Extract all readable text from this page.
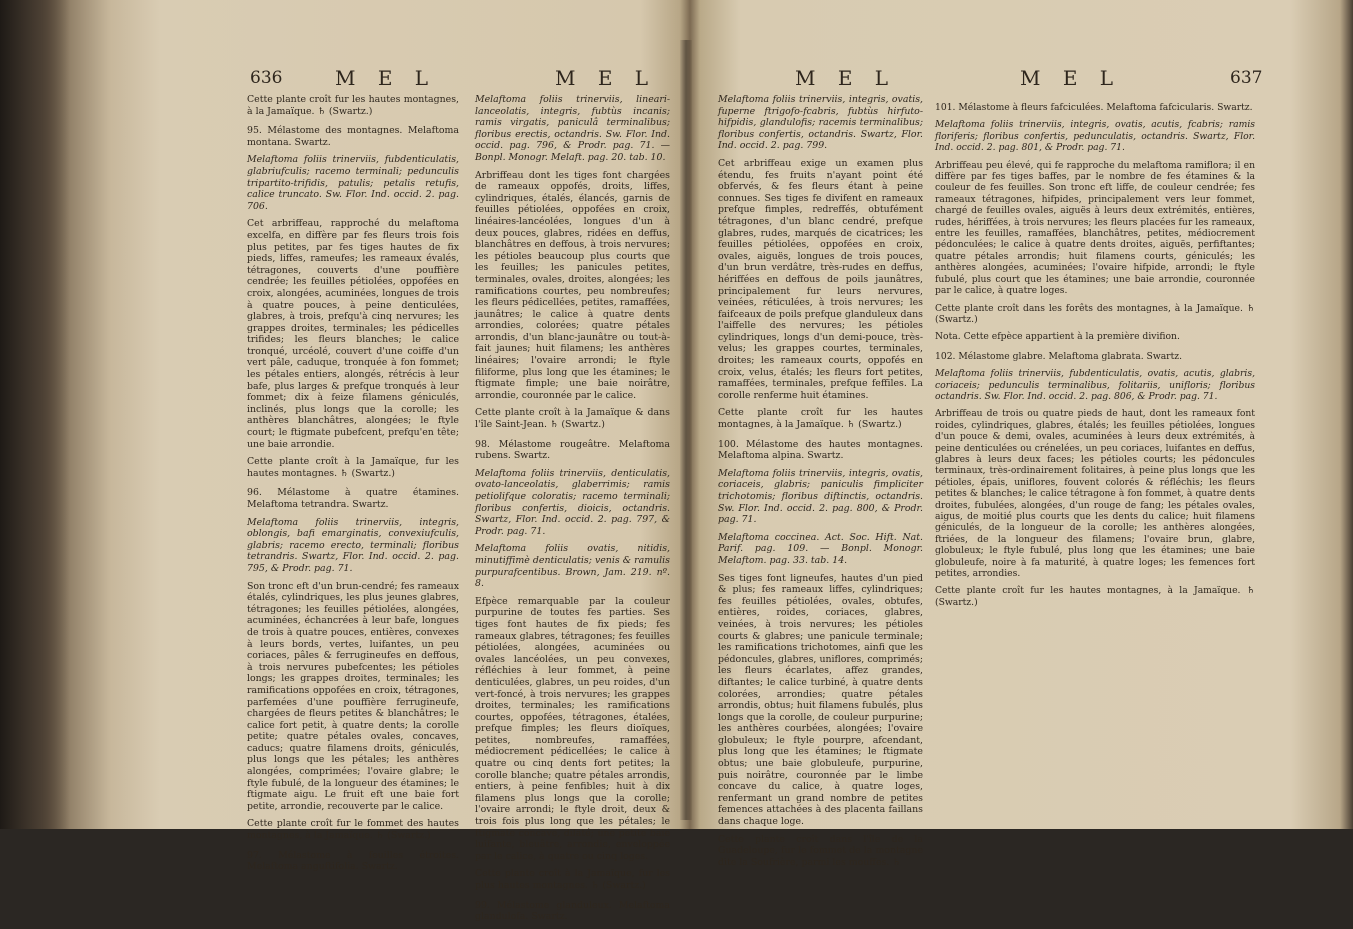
636	M E L

Cette plante croît fur les hautes montagnes, à la Jamaïque. ♄ (Swartz.)

95. Mélastome des montagnes. Melaftoma montana. Swartz.

Melaftoma foliis trinerviis, fubdenticulatis, glabriufculis; racemo terminali; pedunculis tripartito-trifidis, patulis; petalis retufis, calice truncato. Sw. Flor. Ind. occid. 2. pag. 706.

Cet arbriffeau, rapproché du melaftoma excelfa, en diffère par fes fleurs trois fois plus petites, par fes tiges hautes de fix pieds, liffes, rameufes; les rameaux évalés, tétragones, couverts d'une pouffière cendrée; les feuilles pétiolées, oppofées en croix, alongées, acuminées, longues de trois à quatre pouces, à peine denticulées, glabres, à trois, prefqu'à cinq nervures; les grappes droites, terminales; les pédicelles trifides; les fleurs blanches; le calice tronqué, urcéolé, couvert d'une coiffe d'un vert pâle, caduque, tronquée à fon fommet; les pétales entiers, alongés, rétrécis à leur bafe, plus larges & prefque tronqués à leur fommet; dix à feize filamens géniculés, inclinés, plus longs que la corolle; les anthères blanchâtres, alongées; le ftyle court; le ftigmate pubefcent, prefqu'en tête; une baie arrondie.

Cette plante croît à la Jamaïque, fur les hautes montagnes. ♄ (Swartz.)

96. Mélastome à quatre étamines. Melaftoma tetrandra. Swartz.

Melaftoma foliis trinerviis, integris, oblongis, bafi emarginatis, convexiufculis, glabris; racemo erecto, terminali; floribus tetrandris. Swartz, Flor. Ind. occid. 2. pag. 795, & Prodr. pag. 71.

Son tronc eft d'un brun-cendré; fes rameaux étalés, cylindriques, les plus jeunes glabres, tétragones; les feuilles pétiolées, alongées, acuminées, échancrées à leur bafe, longues de trois à quatre pouces, entières, convexes à leurs bords, vertes, luifantes, un peu coriaces, pâles & ferrugineufes en deffous, à trois nervures pubefcentes; les pétioles longs; les grappes droites, terminales; les ramifications oppofées en croix, tétragones, parfemées d'une pouffière ferrugineufe, chargées de fleurs petites & blanchâtres; le calice fort petit, à quatre dents; la corolle petite; quatre pétales ovales, concaves, caducs; quatre filamens droits, géniculés, plus longs que les pétales; les anthères alongées, comprimées; l'ovaire glabre; le ftyle fubulé, de la longueur des étamines; le ftigmate aigu. Le fruit eft une baie fort petite, arrondie, recouverte par le calice.

Cette plante croît fur le fommet des hautes montagnes, à la Jamaïque. ♄ (Swartz.)

97. Mélastome à feuilles étroites. Melaftoma anguftifolia. Swartz.

M E L

Melaftoma foliis trinerviis, lineari-lanceolatis, integris, fubtùs incanis; ramis virgatis, paniculâ terminalibus; floribus erectis, octandris. Sw. Flor. Ind. occid. pag. 796, & Prodr. pag. 71. — Bonpl. Monogr. Melaft. pag. 20. tab. 10.

Arbriffeau dont les tiges font chargées de rameaux oppofés, droits, liffes, cylindriques, étalés, élancés, garnis de feuilles pétiolées, oppofées en croix, linéaires-lancéolées, longues d'un à deux pouces, glabres, ridées en deffus, blanchâtres en deffous, à trois nervures; les pétioles beaucoup plus courts que les feuilles; les panicules petites, terminales, ovales, droites, alongées; les ramifications courtes, peu nombreufes; les fleurs pédicellées, petites, ramaffées, jaunâtres; le calice à quatre dents arrondies, colorées; quatre pétales arrondis, d'un blanc-jaunâtre ou tout-à-fait jaunes; huit filamens; les anthères linéaires; l'ovaire arrondi; le ftyle filiforme, plus long que les étamines; le ftigmate fimple; une baie noirâtre, arrondie, couronnée par le calice.

Cette plante croît à la Jamaïque & dans l'île Saint-Jean. ♄ (Swartz.)

98. Mélastome rougeâtre. Melaftoma rubens. Swartz.

Melaftoma foliis trinerviis, denticulatis, ovato-lanceolatis, glaberrimis; ramis petiolifque coloratis; racemo terminali; floribus confertis, dioicis, octandris. Swartz, Flor. Ind. occid. 2. pag. 797, & Prodr. pag. 71.

Melaftoma foliis ovatis, nitidis, minutiffimè denticulatis; venis & ramulis purpurafcentibus. Brown, Jam. 219. nº. 8.

Efpèce remarquable par la couleur purpurine de toutes fes parties. Ses tiges font hautes de fix pieds; fes rameaux glabres, tétragones; fes feuilles pétiolées, alongées, acuminées ou ovales lancéolées, un peu convexes, réfléchies à leur fommet, à peine denticulées, glabres, un peu roides, d'un vert-foncé, à trois nervures; les grappes droites, terminales; les ramifications courtes, oppofées, tétragones, étalées, prefque fimples; les fleurs dioïques, petites, nombreufes, ramaffées, médiocrement pédicellées; le calice à quatre ou cinq dents fort petites; la corolle blanche; quatre pétales arrondis, entiers, à peine fenfibles; huit à dix filamens plus longs que la corolle; l'ovaire arrondi; le ftyle droit, deux & trois fois plus long que les pétales; le ftigmate concave, dilaté; une petite baie luifante, bleuâtre, arrondie, enveloppée par le calice, à quatre ou cinq loges.

Cette plante croît à la Jamaïque, fur les plus hautes montagnes. ♄ (Swartz.)

99. Mélastome glanduleux. Melaftoma glandulofa. Swartz.

M E L

Melaftoma foliis trinerviis, integris, ovatis, fuperne ftrigofo-fcabris, fubtùs hirfuto-hifpidis, glandulofis; racemis terminalibus; floribus confertis, octandris. Swartz, Flor. Ind. occid. 2. pag. 799.

Cet arbriffeau exige un examen plus étendu, fes fruits n'ayant point été obfervés, & fes fleurs étant à peine connues. Ses tiges fe divifent en rameaux prefque fimples, redreffés, obtufément tétragones, d'un blanc cendré, prefque glabres, rudes, marqués de cicatrices; les feuilles pétiolées, oppofées en croix, ovales, aiguës, longues de trois pouces, d'un brun verdâtre, très-rudes en deffus, hériffées en deffous de poils jaunâtres, principalement fur leurs nervures, veinées, réticulées, à trois nervures; les faifceaux de poils prefque glanduleux dans l'aiffelle des nervures; les pétioles cylindriques, longs d'un demi-pouce, très-velus; les grappes courtes, terminales, droites; les rameaux courts, oppofés en croix, velus, étalés; les fleurs fort petites, ramaffées, terminales, prefque feffiles. La corolle renferme huit étamines.

Cette plante croît fur les hautes montagnes, à la Jamaïque. ♄ (Swartz.)

100. Mélastome des hautes montagnes. Melaftoma alpina. Swartz.

Melaftoma foliis trinerviis, integris, ovatis, coriaceis, glabris; paniculis fimpliciter trichotomis; floribus diftinctis, octandris. Sw. Flor. Ind. occid. 2. pag. 800, & Prodr. pag. 71.

Melaftoma coccinea. Act. Soc. Hift. Nat. Parif. pag. 109. — Bonpl. Monogr. Melaftom. pag. 33. tab. 14.

Ses tiges font ligneufes, hautes d'un pied & plus; fes rameaux liffes, cylindriques; fes feuilles pétiolées, ovales, obtufes, entières, roides, coriaces, glabres, veinées, à trois nervures; les pétioles courts & glabres; une panicule terminale; les ramifications trichotomes, ainfi que les pédoncules, glabres, uniflores, comprimés; les fleurs écarlates, affez grandes, diftantes; le calice turbiné, à quatre dents colorées, arrondies; quatre pétales arrondis, obtus; huit filamens fubulés, plus longs que la corolle, de couleur purpurine; les anthères courbées, alongées; l'ovaire globuleux; le ftyle pourpre, afcendant, plus long que les étamines; le ftigmate obtus; une baie globuleufe, purpurine, puis noirâtre, couronnée par le limbe concave du calice, à quatre loges, renfermant un grand nombre de petites femences attachées à des placenta faillans dans chaque loge.

Cette plante croît dans l'île de la Guadeloupe, fur le fommet de la montagne dite la Soufrière, parmi les mouffes. ♄

M E L	637

101. Mélastome à fleurs fafciculées. Melaftoma fafcicularis. Swartz.

Melaftoma foliis trinerviis, integris, ovatis, acutis, fcabris; ramis floriferis; floribus confertis, pedunculatis, octandris. Swartz, Flor. Ind. occid. 2. pag. 801, & Prodr. pag. 71.

Arbriffeau peu élevé, qui fe rapproche du melaftoma ramiflora; il en diffère par fes tiges baffes, par le nombre de fes étamines & la couleur de fes feuilles. Son tronc eft liffe, de couleur cendrée; fes rameaux tétragones, hifpides, principalement vers leur fommet, chargé de feuilles ovales, aiguës à leurs deux extrémités, entières, rudes, hériffées, à trois nervures; les fleurs placées fur les rameaux, entre les feuilles, ramaffées, blanchâtres, petites, médiocrement pédonculées; le calice à quatre dents droites, aiguës, perfiftantes; quatre pétales arrondis; huit filamens courts, géniculés; les anthères alongées, acuminées; l'ovaire hifpide, arrondi; le ftyle fubulé, plus court que les étamines; une baie arrondie, couronnée par le calice, à quatre loges.

Cette plante croît dans les forêts des montagnes, à la Jamaïque. ♄ (Swartz.)

Nota. Cette efpèce appartient à la première divifion.

102. Mélastome glabre. Melaftoma glabrata. Swartz.

Melaftoma foliis trinerviis, fubdenticulatis, ovatis, acutis, glabris, coriaceis; pedunculis terminalibus, folitariis, unifloris; floribus octandris. Sw. Flor. Ind. occid. 2. pag. 806, & Prodr. pag. 71.

Arbriffeau de trois ou quatre pieds de haut, dont les rameaux font roides, cylindriques, glabres, étalés; les feuilles pétiolées, longues d'un pouce & demi, ovales, acuminées à leurs deux extrémités, à peine denticulées ou crénelées, un peu coriaces, luifantes en deffus, glabres à leurs deux faces; les pétioles courts; les pédoncules terminaux, très-ordinairement folitaires, à peine plus longs que les pétioles, épais, uniflores, fouvent colorés & réfléchis; les fleurs petites & blanches; le calice tétragone à fon fommet, à quatre dents droites, fubulées, alongées, d'un rouge de fang; les pétales ovales, aigus, de moitié plus courts que les dents du calice; huit filamens géniculés, de la longueur de la corolle; les anthères alongées, ftriées, de la longueur des filamens; l'ovaire brun, glabre, globuleux; le ftyle fubulé, plus long que les étamines; une baie globuleufe, noire à fa maturité, à quatre loges; les femences fort petites, arrondies.

Cette plante croît fur les hautes montagnes, à la Jamaïque. ♄ (Swartz.)
